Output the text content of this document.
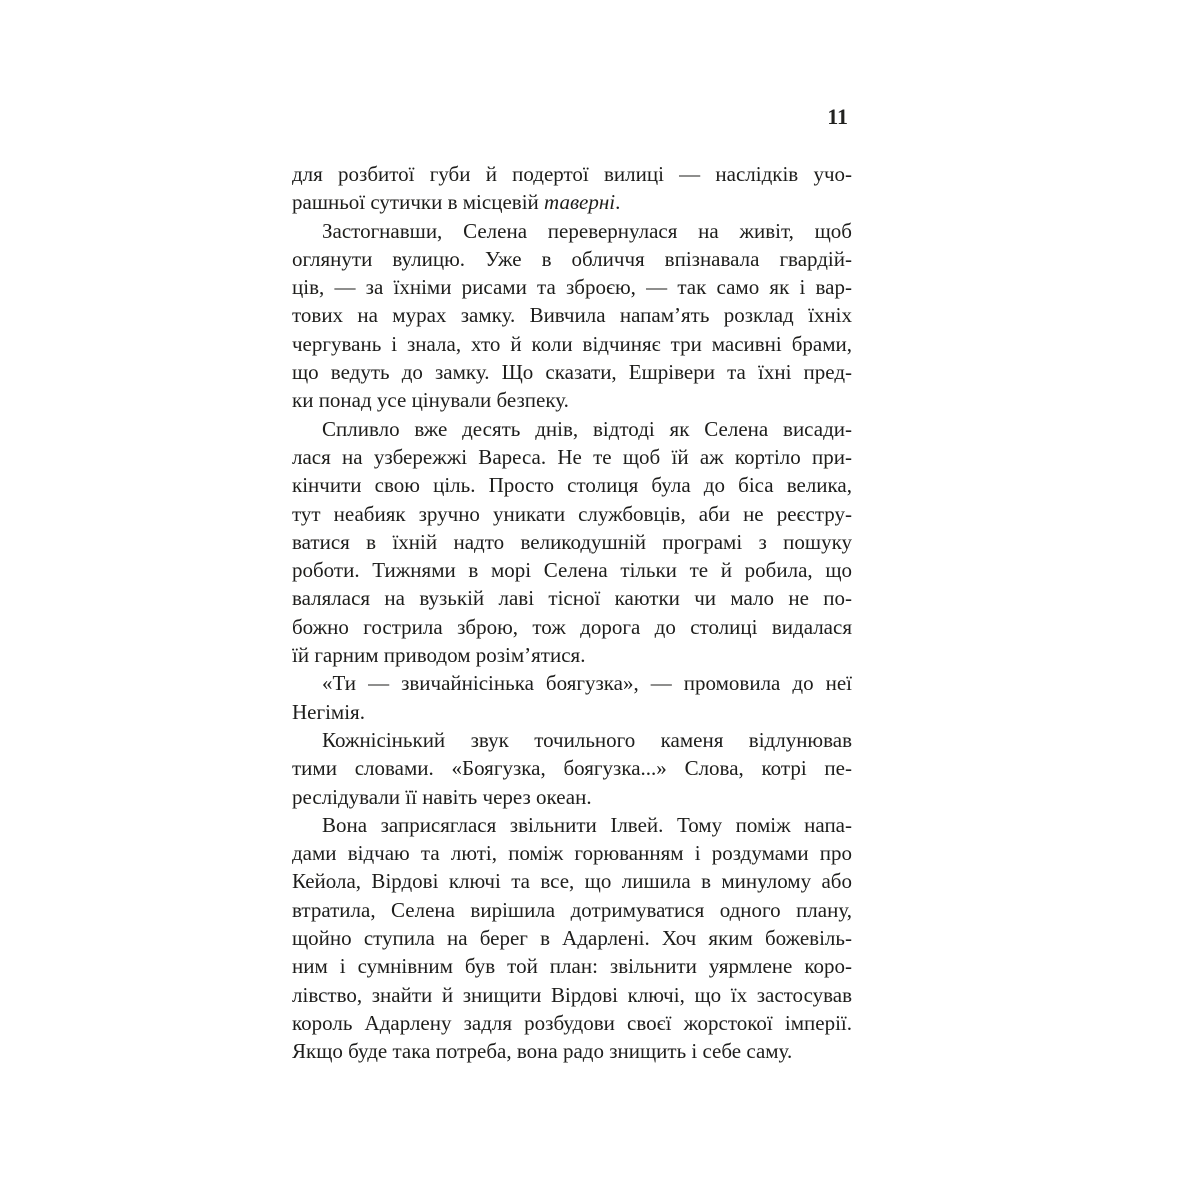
11
для розбитої губи й подертої вилиці — наслідків учо-
рашньої сутички в місцевій таверні.
Застогнавши, Селена перевернулася на живіт, щоб
оглянути вулицю. Уже в обличчя впізнавала гвардій-
ців, — за їхніми рисами та зброєю, — так само як і вар-
тових на мурах замку. Вивчила напам’ять розклад їхніх
чергувань і знала, хто й коли відчиняє три масивні брами,
що ведуть до замку. Що сказати, Ешрівери та їхні пред-
ки понад усе цінували безпеку.
Спливло вже десять днів, відтоді як Селена висади-
лася на узбережжі Вареса. Не те щоб їй аж кортіло при-
кінчити свою ціль. Просто столиця була до біса велика,
тут неабияк зручно уникати службовців, аби не реєстру-
ватися в їхній надто великодушній програмі з пошуку
роботи. Тижнями в морі Селена тільки те й робила, що
валялася на вузькій лаві тісної каютки чи мало не по-
божно гострила зброю, тож дорога до столиці видалася
їй гарним приводом розім’ятися.
«Ти — звичайнісінька боягузка», — промовила до неї
Негімія.
Кожнісінький звук точильного каменя відлунював
тими словами. «Боягузка, боягузка...» Слова, котрі пе-
реслідували її навіть через океан.
Вона заприсяглася звільнити Ілвей. Тому поміж напа-
дами відчаю та люті, поміж горюванням і роздумами про
Кейола, Вірдові ключі та все, що лишила в минулому або
втратила, Селена вирішила дотримуватися одного плану,
щойно ступила на берег в Адарлені. Хоч яким божевіль-
ним і сумнівним був той план: звільнити уярмлене коро-
лівство, знайти й знищити Вірдові ключі, що їх застосував
король Адарлену задля розбудови своєї жорстокої імперії.
Якщо буде така потреба, вона радо знищить і себе саму.
